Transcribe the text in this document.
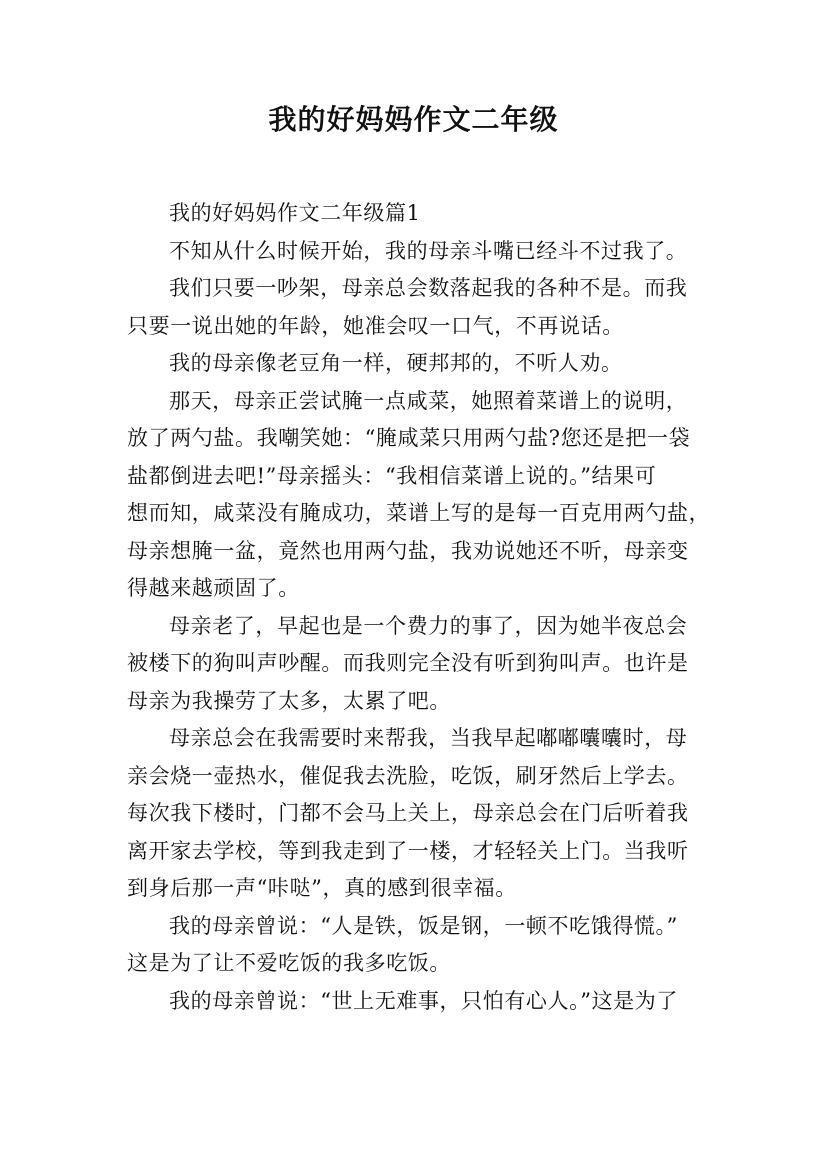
我的好妈妈作文二年级
我的好妈妈作文二年级篇1
不知从什么时候开始，我的母亲斗嘴已经斗不过我了。
我们只要一吵架，母亲总会数落起我的各种不是。而我
只要一说出她的年龄，她准会叹一口气，不再说话。
我的母亲像老豆角一样，硬邦邦的，不听人劝。
那天，母亲正尝试腌一点咸菜，她照着菜谱上的说明，
放了两勺盐。我嘲笑她：“腌咸菜只用两勺盐?您还是把一袋
盐都倒进去吧!”母亲摇头：“我相信菜谱上说的。”结果可
想而知，咸菜没有腌成功，菜谱上写的是每一百克用两勺盐，
母亲想腌一盆，竟然也用两勺盐，我劝说她还不听，母亲变
得越来越顽固了。
母亲老了，早起也是一个费力的事了，因为她半夜总会
被楼下的狗叫声吵醒。而我则完全没有听到狗叫声。也许是
母亲为我操劳了太多，太累了吧。
母亲总会在我需要时来帮我，当我早起嘟嘟囔囔时，母
亲会烧一壶热水，催促我去洗脸，吃饭，刷牙然后上学去。
每次我下楼时，门都不会马上关上，母亲总会在门后听着我
离开家去学校，等到我走到了一楼，才轻轻关上门。当我听
到身后那一声“咔哒”，真的感到很幸福。
我的母亲曾说：“人是铁，饭是钢，一顿不吃饿得慌。”
这是为了让不爱吃饭的我多吃饭。
我的母亲曾说：“世上无难事，只怕有心人。”这是为了
